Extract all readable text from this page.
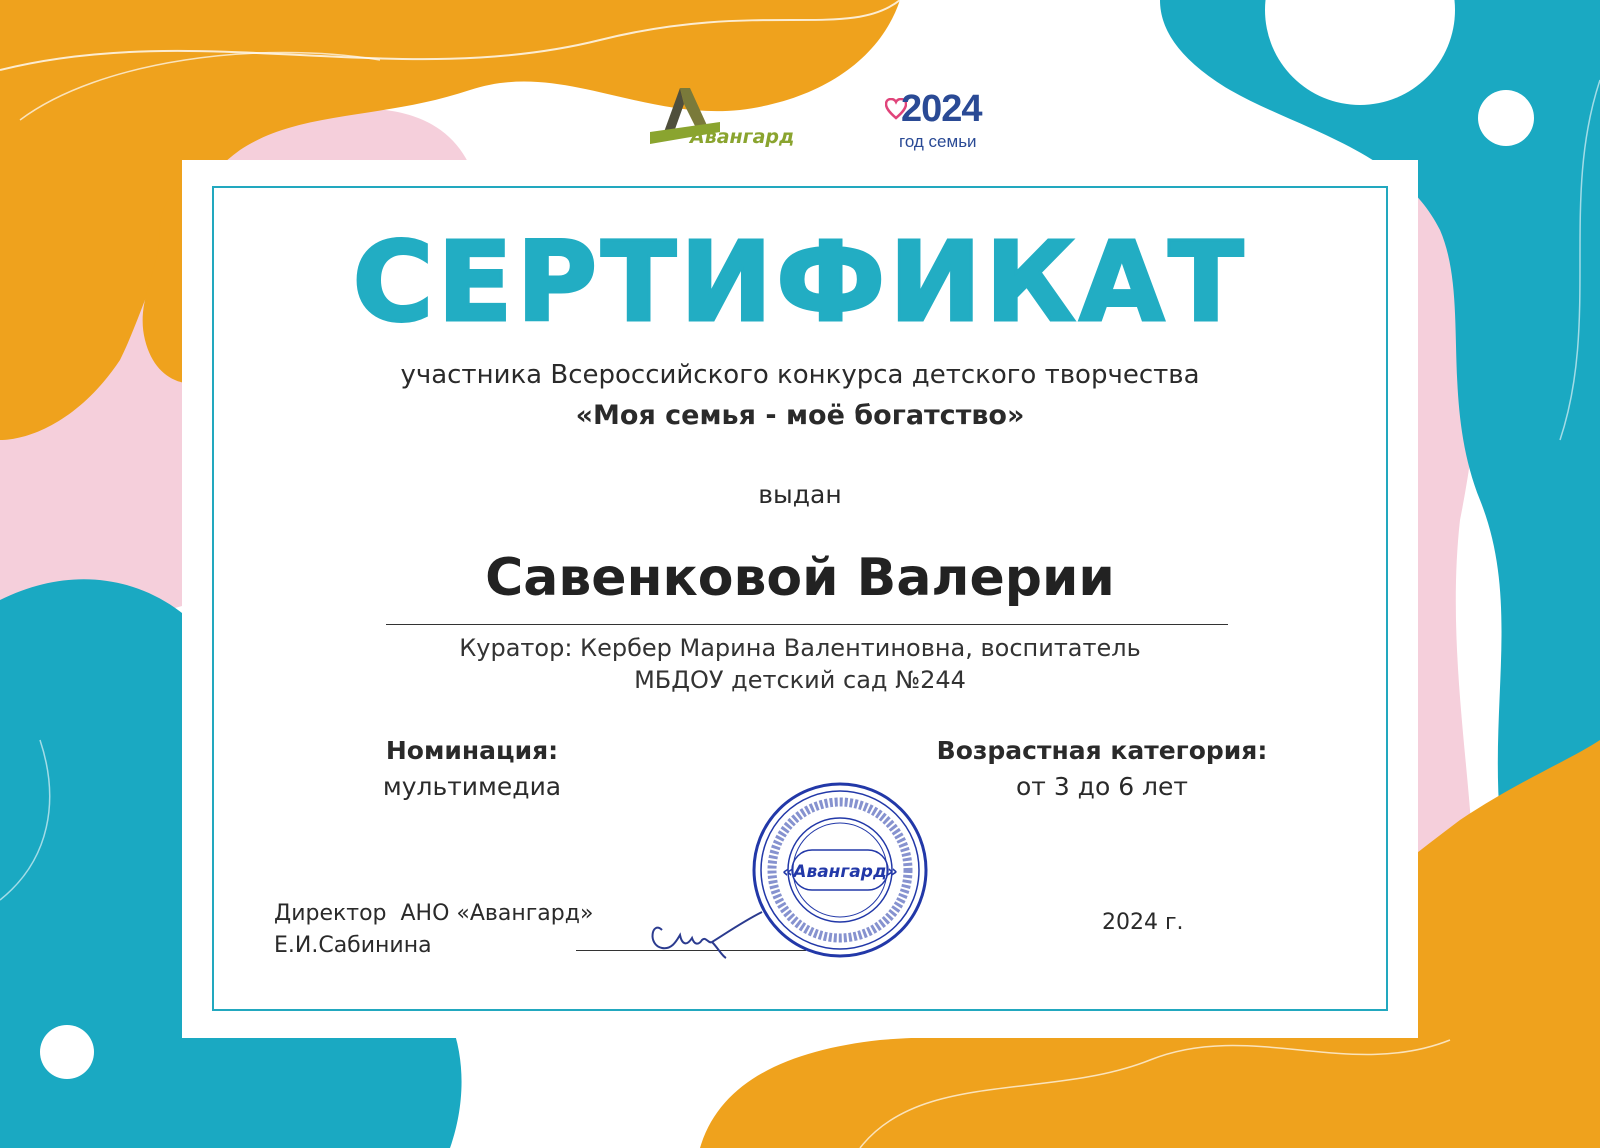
Авангард
2024
год семьи
СЕРТИФИКАТ
участника Всероссийского конкурса детского творчества
«Моя семья - моё богатство»
выдан
Савенковой Валерии
Куратор: Кербер Марина Валентиновна, воспитатель
МБДОУ детский сад №244
Номинация:
мультимедиа
Возрастная категория:
от 3 до 6 лет
Директор  АНО «Авангард»
Е.И.Сабинина
«Авангард»
2024 г.
